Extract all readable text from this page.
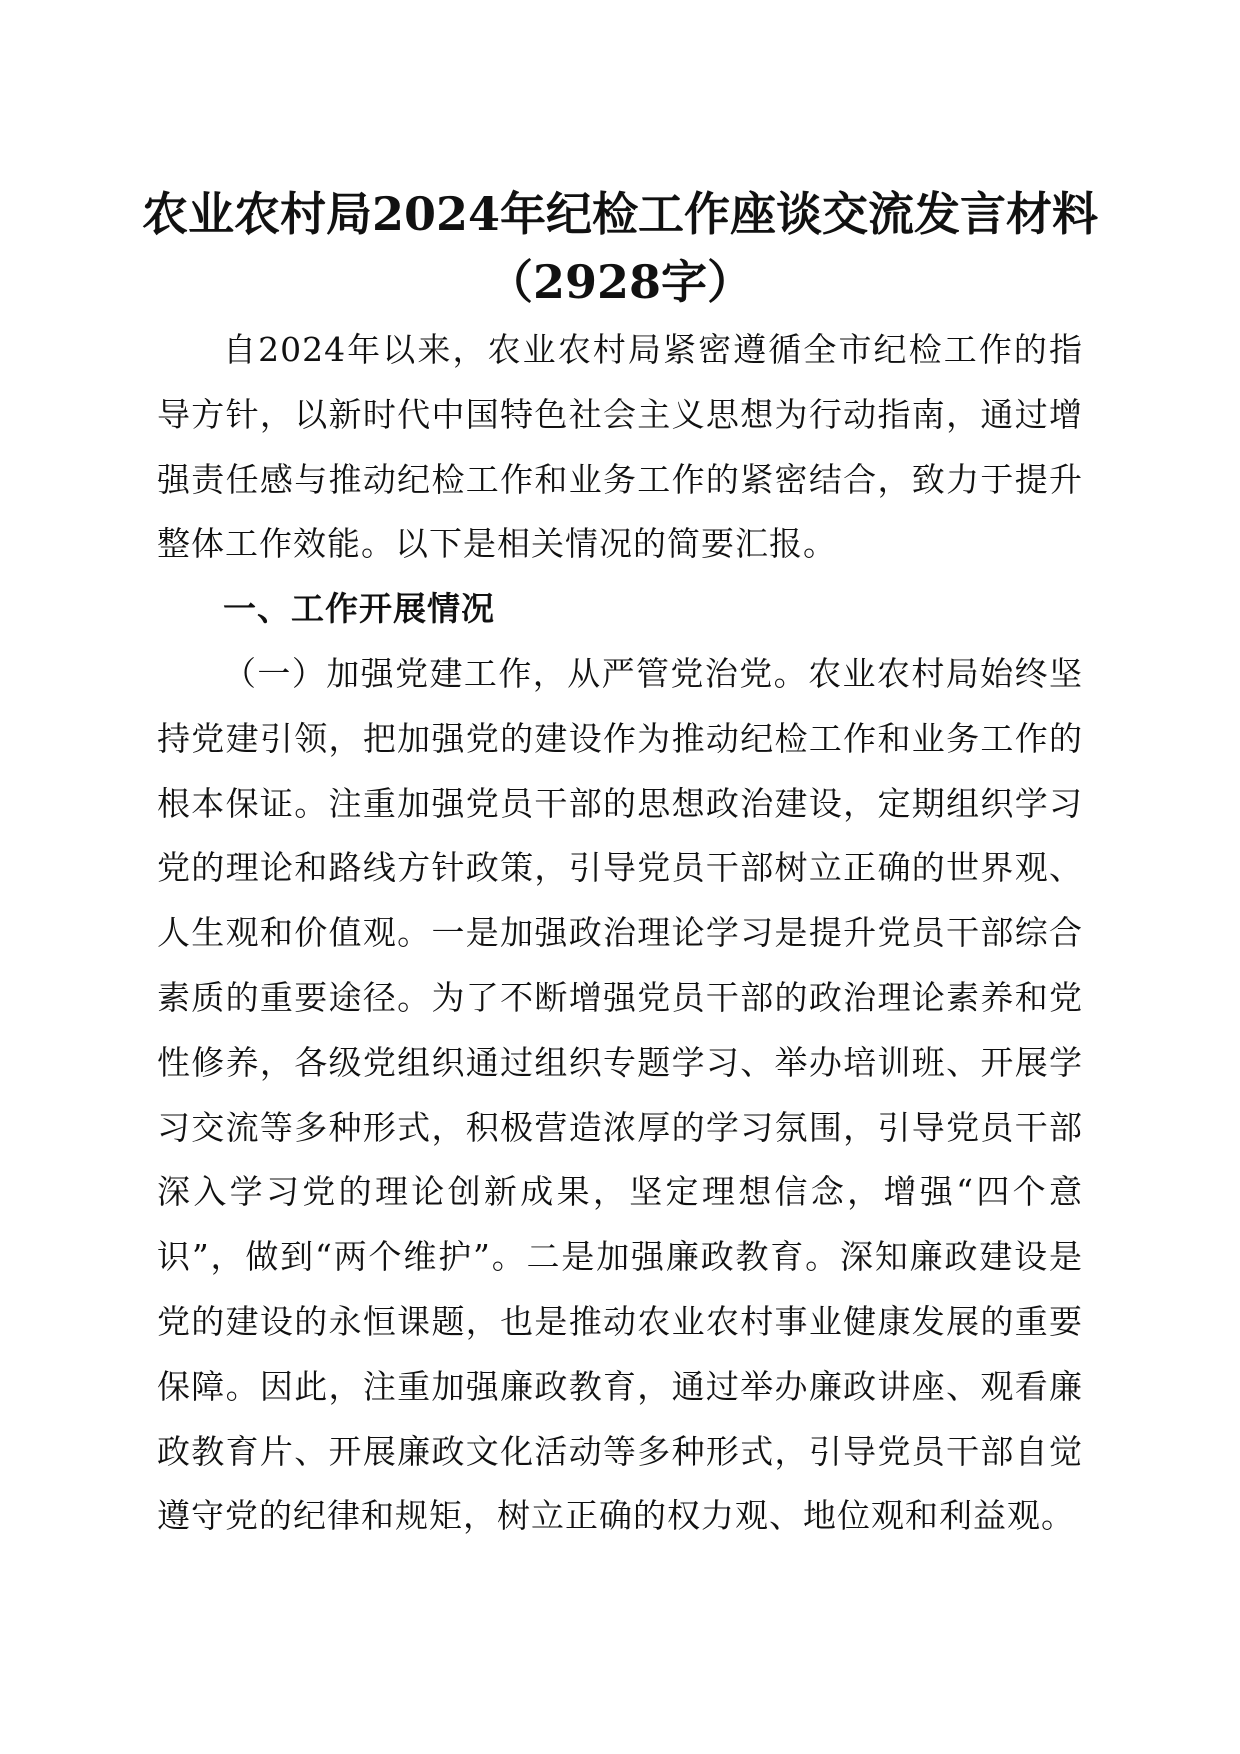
农业农村局2024年纪检工作座谈交流发言材料（2928字）

自2024年以来，农业农村局紧密遵循全市纪检工作的指导方针，以新时代中国特色社会主义思想为行动指南，通过增强责任感与推动纪检工作和业务工作的紧密结合，致力于提升整体工作效能。以下是相关情况的简要汇报。

一、工作开展情况

（一）加强党建工作，从严管党治党。农业农村局始终坚持党建引领，把加强党的建设作为推动纪检工作和业务工作的根本保证。注重加强党员干部的思想政治建设，定期组织学习党的理论和路线方针政策，引导党员干部树立正确的世界观、人生观和价值观。一是加强政治理论学习是提升党员干部综合素质的重要途径。为了不断增强党员干部的政治理论素养和党性修养，各级党组织通过组织专题学习、举办培训班、开展学习交流等多种形式，积极营造浓厚的学习氛围，引导党员干部深入学习党的理论创新成果，坚定理想信念，增强“四个意识”，做到“两个维护”。二是加强廉政教育。深知廉政建设是党的建设的永恒课题，也是推动农业农村事业健康发展的重要保障。因此，注重加强廉政教育，通过举办廉政讲座、观看廉政教育片、开展廉政文化活动等多种形式，引导党员干部自觉遵守党的纪律和规矩，树立正确的权力观、地位观和利益观。
